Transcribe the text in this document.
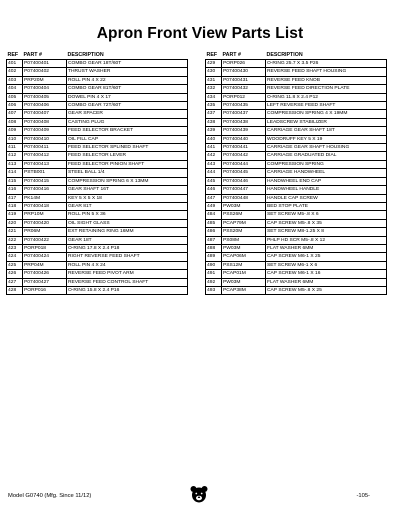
Apron Front View Parts List
REF	PART #	DESCRIPTION
401	P07400401	COMBO GEAR 18T/60T
402	P07400402	THRUST WASHER
403	PRP20M	ROLL PIN 4 X 22
404	P07400404	COMBO GEAR 81T/60T
405	P07400405	DOWEL PIN 4 X 17
406	P07400406	COMBO GEAR 72T/60T
407	P07400407	GEAR SPACER
408	P07400408	CASTING PLUG
409	P07400409	FEED SELECTOR BRACKET
410	P07400410	OIL FILL CAP
411	P07400411	FEED SELECTOR SPLINED SHAFT
412	P07400412	FEED SELECTOR LEVER
413	P07400413	FEED SELECTOR PINION SHAFT
414	PSTB001	STEEL BALL 1/4
415	P07400415	COMPRESSION SPRING 6 X 13MM
416	P07400416	GEAR SHAFT 16T
417	PK14M	KEY 5 X 5 X 18
418	P07400418	GEAR 81T
419	PRP10M	ROLL PIN 5 X 36
420	P07400420	OIL SIGHT GLASS
421	PR06M	EXT RETAINING RING 16MM
422	P07400422	GEAR 18T
423	PORP018	O-RING 17.8 X 2.4 P18
424	P07400424	RIGHT REVERSE FEED SHAFT
425	PRP04M	ROLL PIN 4 X 24
426	P07400426	REVERSE FEED PIVOT ARM
427	P07400427	REVERSE FEED CONTROL SHAFT
428	PORP016	O-RING 15.8 X 2.4 P16
REF	PART #	DESCRIPTION
429	PORP026	O-RING 25.7 X 3.5 P26
430	P07400430	REVERSE FEED SHAFT HOUSING
431	P07400431	REVERSE FEED KNOB
432	P07400432	REVERSE FEED DIRECTION PLATE
434	PORP012	O-RING 11.8 X 2.4 P12
435	P07400435	LEFT REVERSE FEED SHAFT
437	P07400437	COMPRESSION SPRING 4 X 19MM
438	P07400438	LEADSCREW STABILIZER
439	P07400439	CARRIAGE GEAR SHAFT 18T
440	P07400440	WOODRUFF KEY 5 X 19
441	P07400441	CARRIAGE GEAR SHAFT HOUSING
442	P07400442	CARRIAGE GRADUATED DIAL
443	P07400444	COMPRESSION SPRING
444	P07400445	CARRIAGE HANDWHEEL
445	P07400446	HANDWHEEL END CAP
446	P07400447	HANDWHEEL HANDLE
447	P07400448	HANDLE CAP SCREW
449	PW03M	BED STOP PLATE
484	PSS26M	SET SCREW M5-.8 X 6
485	PCAP79M	CAP SCREW M5-.8 X 35
486	PSS20M	SET SCREW M8-1.25 X 8
487	PS08M	PHLP HD SCR M5-.8 X 12
488	PW03M	FLAT WASHER 6MM
489	PCAP06M	CAP SCREW M6-1 X 25
490	PSS12M	SET SCREW M6-1 X 6
491	PCAP01M	CAP SCREW M6-1 X 16
492	PW03M	FLAT WASHER 6MM
493	PCAP38M	CAP SCREW M5-.8 X 25
Model G0740 (Mfg. Since 11/12)	-105-
